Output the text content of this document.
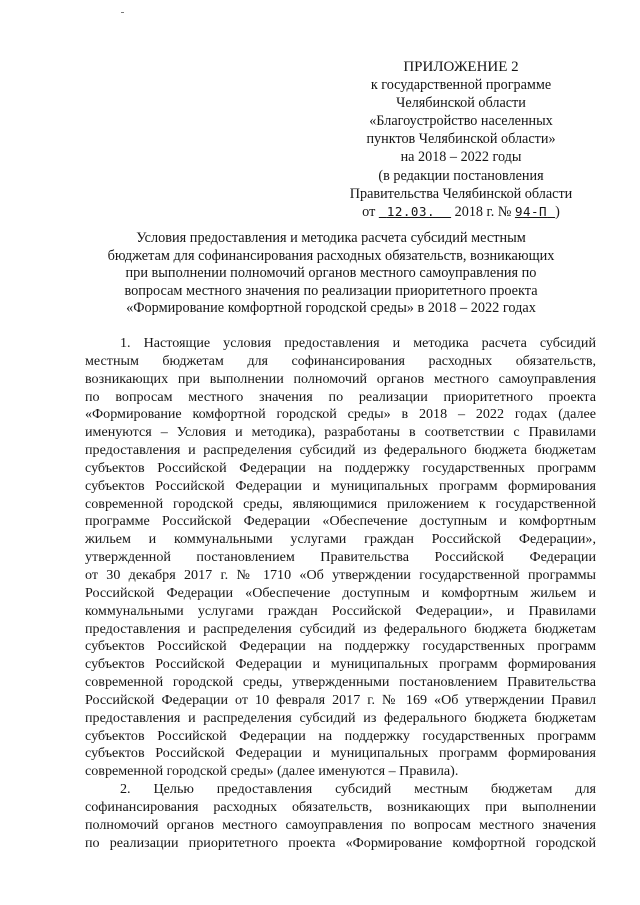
ПРИЛОЖЕНИЕ 2
к государственной программе
Челябинской области
«Благоустройство населенных
пунктов Челябинской области»
на 2018 – 2022 годы
(в редакции постановления
Правительства Челябинской области
от 12.03. 2018 г. № 94-П )
Условия предоставления и методика расчета субсидий местным
бюджетам для софинансирования расходных обязательств, возникающих
при выполнении полномочий органов местного самоуправления по
вопросам местного значения по реализации приоритетного проекта
«Формирование комфортной городской среды» в 2018 – 2022 годах
1. Настоящие условия предоставления и методика расчета субсидий
местным бюджетам для софинансирования расходных обязательств,
возникающих при выполнении полномочий органов местного самоуправления
по вопросам местного значения по реализации приоритетного проекта
«Формирование комфортной городской среды» в 2018 – 2022 годах (далее
именуются – Условия и методика), разработаны в соответствии с Правилами
предоставления и распределения субсидий из федерального бюджета бюджетам
субъектов Российской Федерации на поддержку государственных программ
субъектов Российской Федерации и муниципальных программ формирования
современной городской среды, являющимися приложением к государственной
программе Российской Федерации «Обеспечение доступным и комфортным
жильем и коммунальными услугами граждан Российской Федерации»,
утвержденной постановлением Правительства Российской Федерации
от 30 декабря 2017 г. № 1710 «Об утверждении государственной программы
Российской Федерации «Обеспечение доступным и комфортным жильем и
коммунальными услугами граждан Российской Федерации», и Правилами
предоставления и распределения субсидий из федерального бюджета бюджетам
субъектов Российской Федерации на поддержку государственных программ
субъектов Российской Федерации и муниципальных программ формирования
современной городской среды, утвержденными постановлением Правительства
Российской Федерации от 10 февраля 2017 г. № 169 «Об утверждении Правил
предоставления и распределения субсидий из федерального бюджета бюджетам
субъектов Российской Федерации на поддержку государственных программ
субъектов Российской Федерации и муниципальных программ формирования
современной городской среды» (далее именуются – Правила).
2. Целью предоставления субсидий местным бюджетам для
софинансирования расходных обязательств, возникающих при выполнении
полномочий органов местного самоуправления по вопросам местного значения
по реализации приоритетного проекта «Формирование комфортной городской
